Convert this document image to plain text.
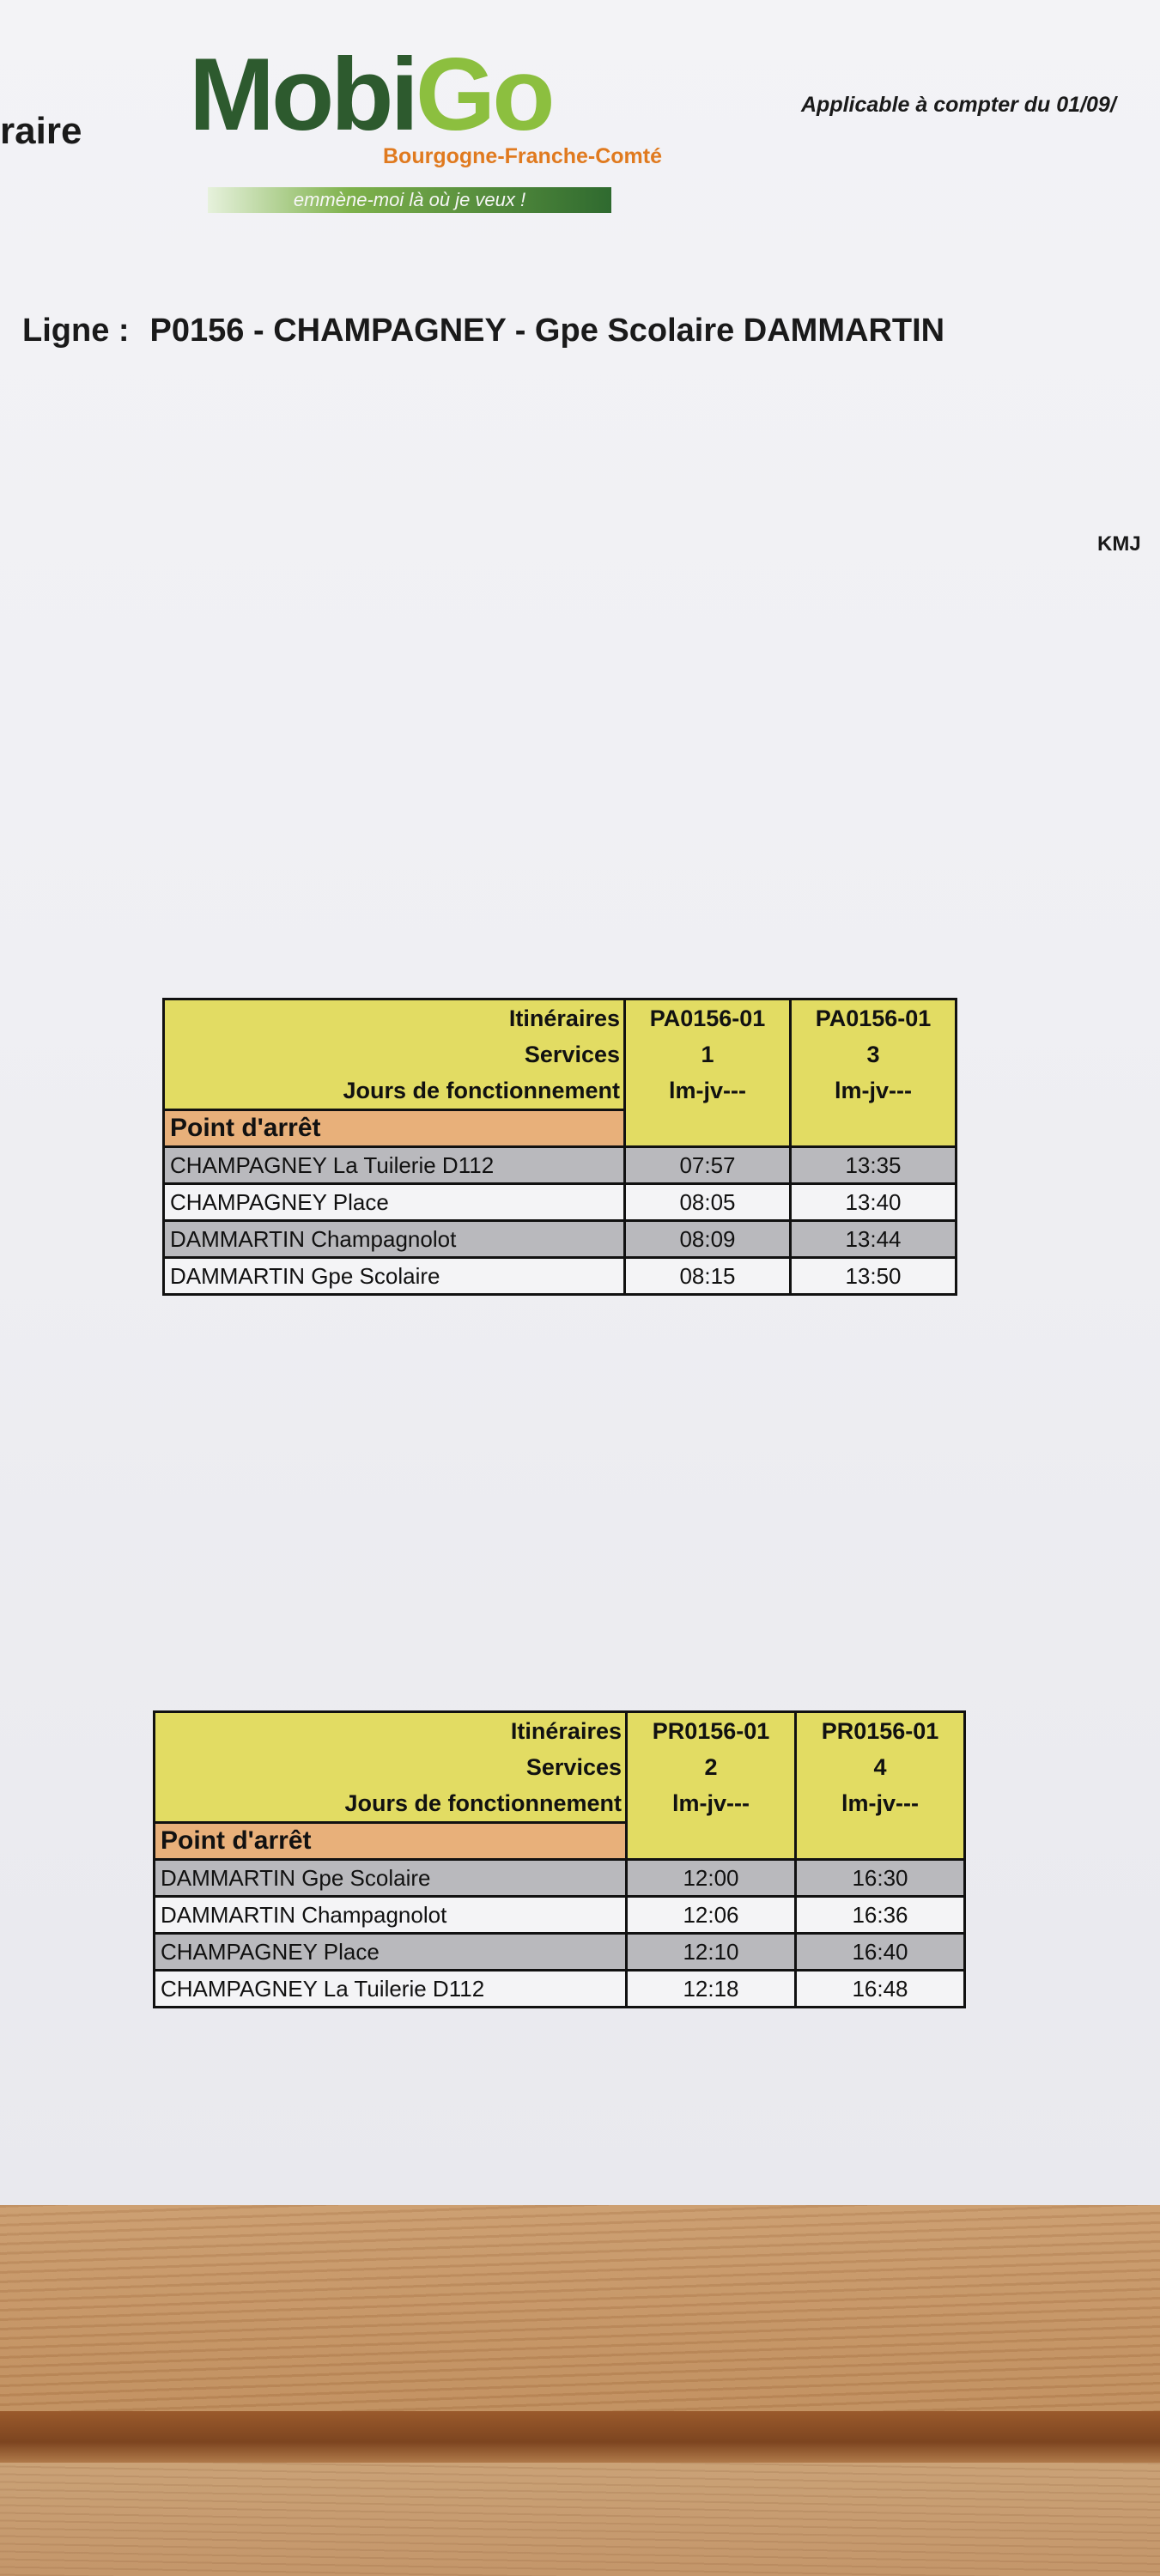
raire MobiGo
Bourgogne-Franche-Comté
emmène-moi là où je veux !
Applicable à compter du 01/09/
Ligne : P0156 - CHAMPAGNEY - Gpe Scolaire DAMMARTIN
KMJ
Itinéraires	PA0156-01	PA0156-01
Services	1	3
Jours de fonctionnement	lm-jv---	lm-jv---
Point d'arrêt		
CHAMPAGNEY La Tuilerie D112	07:57	13:35
CHAMPAGNEY Place	08:05	13:40
DAMMARTIN Champagnolot	08:09	13:44
DAMMARTIN Gpe Scolaire	08:15	13:50
Itinéraires	PR0156-01	PR0156-01
Services	2	4
Jours de fonctionnement	lm-jv---	lm-jv---
Point d'arrêt		
DAMMARTIN Gpe Scolaire	12:00	16:30
DAMMARTIN Champagnolot	12:06	16:36
CHAMPAGNEY Place	12:10	16:40
CHAMPAGNEY La Tuilerie D112	12:18	16:48
